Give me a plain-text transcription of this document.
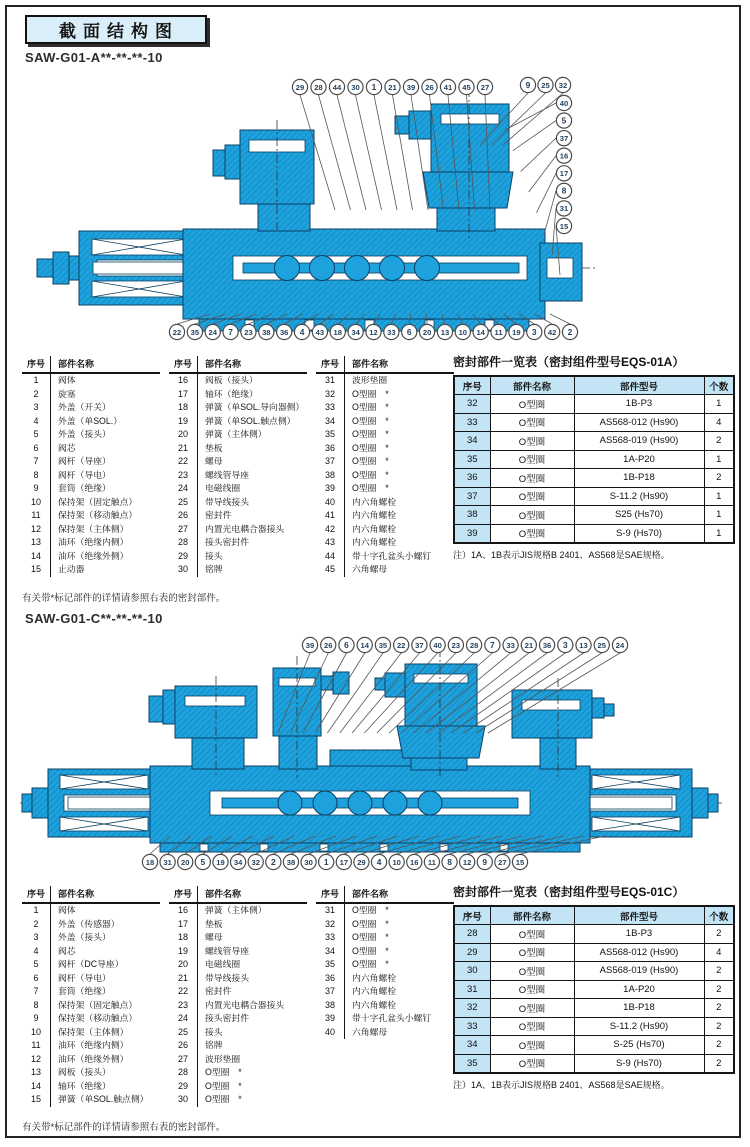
截面结构图
SAW-G01-A**-**-**-10
29 28 44 30 1 21 39 26 41 45 27	9 25 32
40
5
37
16
17
8
31
15
22 35 24 7 23 38 36 4 43 18 34 12 33 6 20 13 10 14 11 19 3 42 2
序号	部件名称
1	阀体
2	旋塞
3	外盖（开关）
4	外盖（单SOL.）
5	外盖（接头）
6	阀芯
7	阀杆（导座）
8	阀杆（导电）
9	套筒（绝缘）
10	保持架（固定触点）
11	保持架（移动触点）
12	保持架（主体侧）
13	油环（绝缘内侧）
14	油环（绝缘外侧）
15	止动器
序号	部件名称
16	阀板（接头）
17	轴环（绝缘）
18	弹簧（单SOL.导向器侧）
19	弹簧（单SOL.触点侧）
20	弹簧（主体侧）
21	垫板
22	螺母
23	螺线管导座
24	电磁线圈
25	带导线接头
26	密封件
27	内置光电耦合器接头
28	接头密封件
29	接头
30	铭牌
序号	部件名称
31	波形垫圈
32	O型圈　*
33	O型圈　*
34	O型圈　*
35	O型圈　*
36	O型圈　*
37	O型圈　*
38	O型圈　*
39	O型圈　*
40	内六角螺栓
41	内六角螺栓
42	内六角螺栓
43	内六角螺栓
44	带十字孔盆头小螺钉
45	六角螺母
密封部件一览表（密封组件型号EQS-01A）
序号	部件名称	部件型号	个数
32	O型圈	1B-P3	1
33	O型圈	AS568-012 (Hs90)	4
34	O型圈	AS568-019 (Hs90)	2
35	O型圈	1A-P20	1
36	O型圈	1B-P18	2
37	O型圈	S-11.2 (Hs90)	1
38	O型圈	S25 (Hs70)	1
39	O型圈	S-9 (Hs70)	1
注）1A、1B表示JIS规格B 2401、AS568是SAE规格。
有关带*标记部件的详情请参照右表的密封部件。
SAW-G01-C**-**-**-10
39 26 6 14 35 22 37 40 23 28 7 33 21 36 3 13 25 24
18 31 20 5 19 34 32 2 38 30 1 17 29 4 10 16 11 8 12 9 27 15
序号	部件名称
1	阀体
2	外盖（传感器）
3	外盖（接头）
4	阀芯
5	阀杆（DC导座）
6	阀杆（导电）
7	套筒（绝缘）
8	保持架（固定触点）
9	保持架（移动触点）
10	保持架（主体侧）
11	油环（绝缘内侧）
12	油环（绝缘外侧）
13	阀板（接头）
14	轴环（绝缘）
15	弹簧（单SOL.触点侧）
序号	部件名称
16	弹簧（主体侧）
17	垫板
18	螺母
19	螺线管导座
20	电磁线圈
21	带导线接头
22	密封件
23	内置光电耦合器接头
24	接头密封件
25	接头
26	铭牌
27	波形垫圈
28	O型圈　*
29	O型圈　*
30	O型圈　*
序号	部件名称
31	O型圈　*
32	O型圈　*
33	O型圈　*
34	O型圈　*
35	O型圈　*
36	内六角螺栓
37	内六角螺栓
38	内六角螺栓
39	带十字孔盆头小螺钉
40	六角螺母
密封部件一览表（密封组件型号EQS-01C）
序号	部件名称	部件型号	个数
28	O型圈	1B-P3	2
29	O型圈	AS568-012 (Hs90)	4
30	O型圈	AS568-019 (Hs90)	2
31	O型圈	1A-P20	2
32	O型圈	1B-P18	2
33	O型圈	S-11.2 (Hs90)	2
34	O型圈	S-25 (Hs70)	2
35	O型圈	S-9 (Hs70)	2
注）1A、1B表示JIS规格B 2401、AS568是SAE规格。
有关带*标记部件的详情请参照右表的密封部件。
